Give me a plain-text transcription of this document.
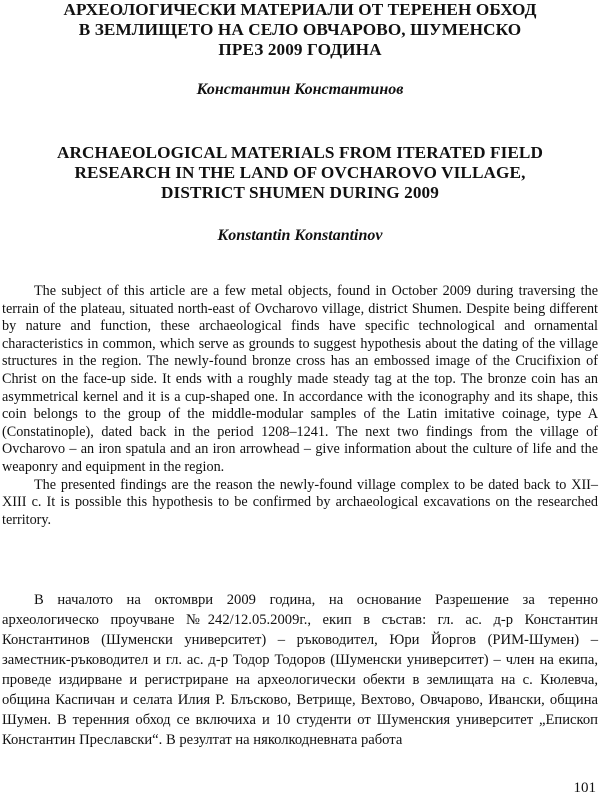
АРХЕОЛОГИЧЕСКИ МАТЕРИАЛИ ОТ ТЕРЕНЕН ОБХОД
В ЗЕМЛИЩЕТО НА СЕЛО ОВЧАРОВО, ШУМЕНСКО
ПРЕЗ 2009 ГОДИНА
Константин Константинов
ARCHAEOLOGICAL MATERIALS FROM ITERATED FIELD
RESEARCH IN THE LAND OF OVCHAROVO VILLAGE,
DISTRICT SHUMEN DURING 2009
Konstantin Konstantinov

The subject of this article are a few metal objects, found in October 2009 during traversing the terrain of the plateau, situated north-east of Ovcharovo village, district Shumen. Despite being different by nature and function, these archaeological finds have specific technological and ornamental characteristics in common, which serve as grounds to suggest hypothesis about the dating of the village structures in the region. The newly-found bronze cross has an embossed image of the Crucifixion of Christ on the face-up side. It ends with a roughly made steady tag at the top. The bronze coin has an asymmetrical kernel and it is a cup-shaped one. In accordance with the iconography and its shape, this coin belongs to the group of the middle-modular samples of the Latin imitative coinage, type A (Constatinople), dated back in the period 1208–1241. The next two findings from the village of Ovcharovo – an iron spatula and an iron arrowhead – give information about the culture of life and the weaponry and equipment in the region.

The presented findings are the reason the newly-found village complex to be dated back to XII–XIII c. It is possible this hypothesis to be confirmed by archaeological excavations on the researched territory.

В началото на октомври 2009 година, на основание Разрешение за теренно археологическо проучване №242/12.05.2009г., екип в състав: гл. ас. д-р Константин Константинов (Шуменски университет) – ръководител, Юри Йоргов (РИМ-Шумен) – заместник-ръководител и гл. ас. д-р Тодор Тодоров (Шуменски университет) – член на екипа, проведе издирване и регистриране на археологически обекти в землищата на с. Кюлевча, община Каспичан и селата Илия Р. Блъсково, Ветрище, Вехтово, Овчарово, Ивански, община Шумен. В теренния обход се включиха и 10 студенти от Шуменския университет „Епископ Константин Преславски“. В резултат на няколкодневната работа

101
